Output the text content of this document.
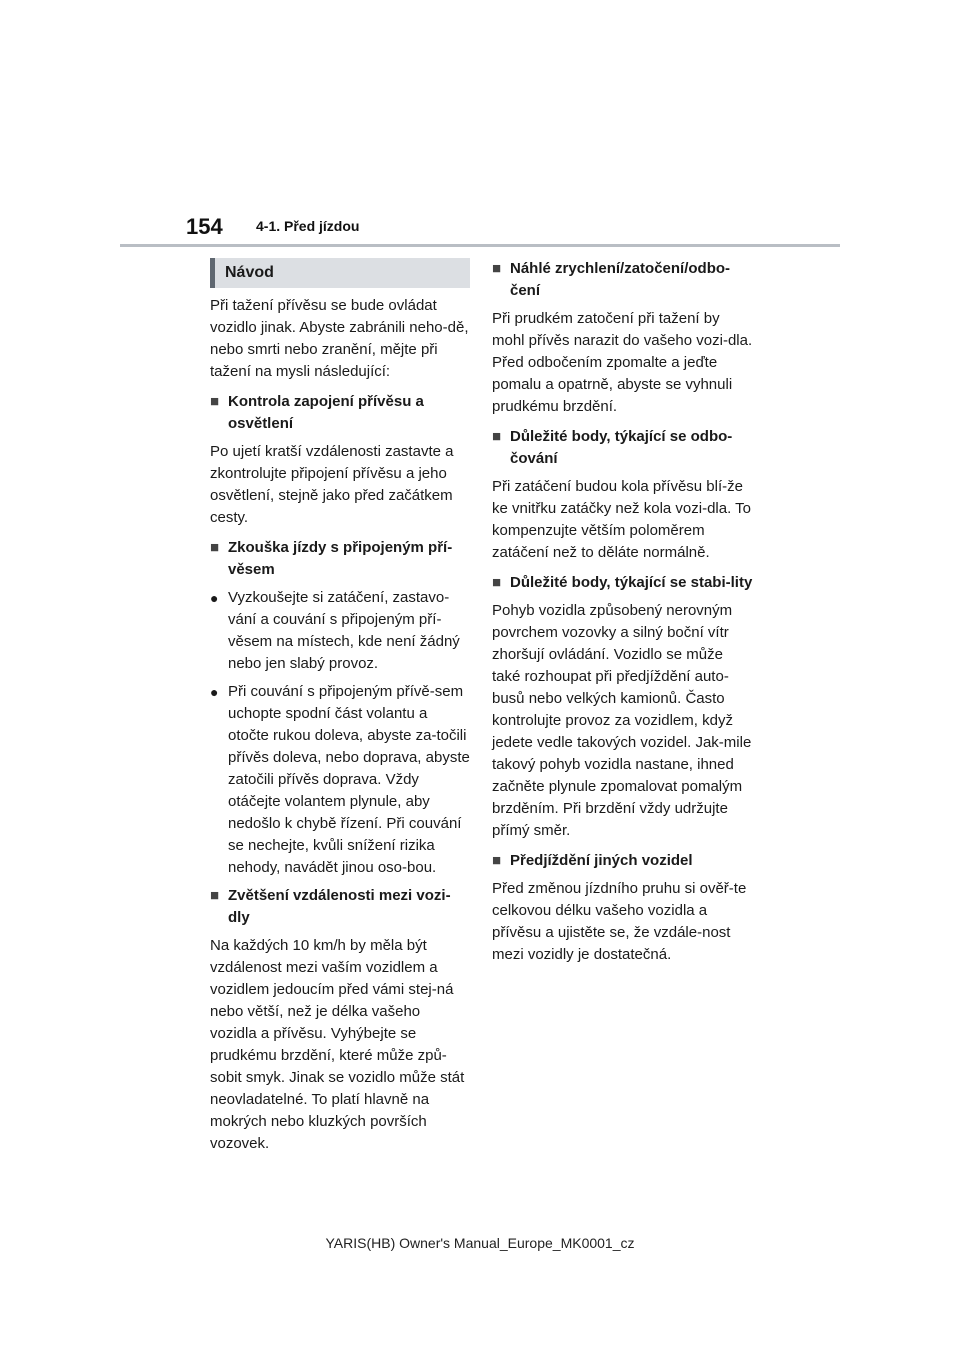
154 4-1. Před jízdou
Návod

Při tažení přívěsu se bude ovládat vozidlo jinak. Abyste zabránili neho-dě, nebo smrti nebo zranění, mějte při tažení na mysli následující:

■ Kontrola zapojení přívěsu a osvětlení

Po ujetí kratší vzdálenosti zastavte a zkontrolujte připojení přívěsu a jeho osvětlení, stejně jako před začátkem cesty.

■ Zkouška jízdy s připojeným pří-věsem
● Vyzkoušejte si zatáčení, zastavo-vání a couvání s připojeným pří-věsem na místech, kde není žádný nebo jen slabý provoz.
● Při couvání s připojeným přívě-sem uchopte spodní část volantu a otočte rukou doleva, abyste za-točili přívěs doleva, nebo doprava, abyste zatočili přívěs doprava. Vždy otáčejte volantem plynule, aby nedošlo k chybě řízení. Při couvání se nechejte, kvůli snížení rizika nehody, navádět jinou oso-bou.
■ Zvětšení vzdálenosti mezi vozi-dly

Na každých 10 km/h by měla být vzdálenost mezi vaším vozidlem a vozidlem jedoucím před vámi stej-ná nebo větší, než je délka vašeho vozidla a přívěsu. Vyhýbejte se prudkému brzdění, které může způ-sobit smyk. Jinak se vozidlo může stát neovladatelné. To platí hlavně na mokrých nebo kluzkých površích vozovek.

■ Náhlé zrychlení/zatočení/odbo-čení

Při prudkém zatočení při tažení by mohl přívěs narazit do vašeho vozi-dla. Před odbočením zpomalte a jeďte pomalu a opatrně, abyste se vyhnuli prudkému brzdění.

■ Důležité body, týkající se odbo-čování

Při zatáčení budou kola přívěsu blí-že ke vnitřku zatáčky než kola vozi-dla. To kompenzujte větším poloměrem zatáčení než to děláte normálně.

■ Důležité body, týkající se stabi-lity

Pohyb vozidla způsobený nerovným povrchem vozovky a silný boční vítr zhoršují ovládání. Vozidlo se může také rozhoupat při předjíždění auto-busů nebo velkých kamionů. Často kontrolujte provoz za vozidlem, když jedete vedle takových vozidel. Jak-mile takový pohyb vozidla nastane, ihned začněte plynule zpomalovat pomalým brzděním. Při brzdění vždy udržujte přímý směr.

■ Předjíždění jiných vozidel

Před změnou jízdního pruhu si ověř-te celkovou délku vašeho vozidla a přívěsu a ujistěte se, že vzdále-nost mezi vozidly je dostatečná.

YARIS(HB) Owner's Manual_Europe_MK0001_cz
